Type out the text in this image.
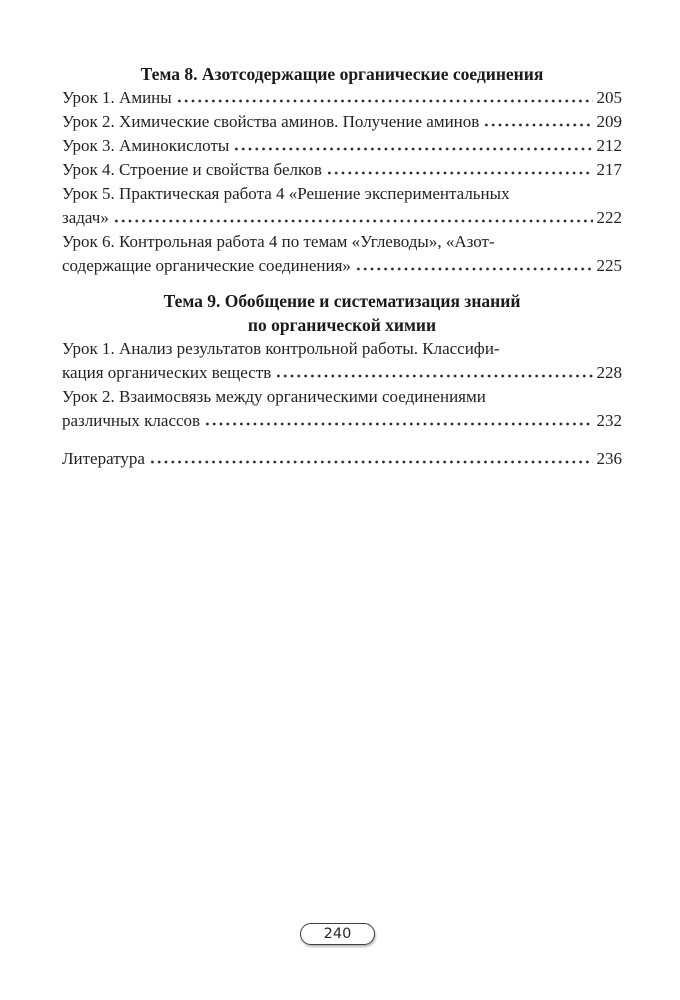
Тема 8. Азотсодержащие органические соединения
Урок 1. Амины	205
Урок 2. Химические свойства аминов. Получение аминов	209
Урок 3. Аминокислоты	212
Урок 4. Строение и свойства белков	217
Урок 5. Практическая работа 4 «Решение экспериментальных
задач»	222
Урок 6. Контрольная работа 4 по темам «Углеводы», «Азот-
содержащие органические соединения»	225
Тема 9. Обобщение и систематизация знаний
по органической химии
Урок 1. Анализ результатов контрольной работы. Классифи-
кация органических веществ	228
Урок 2. Взаимосвязь между органическими соединениями
различных классов	232
Литература	236
240
